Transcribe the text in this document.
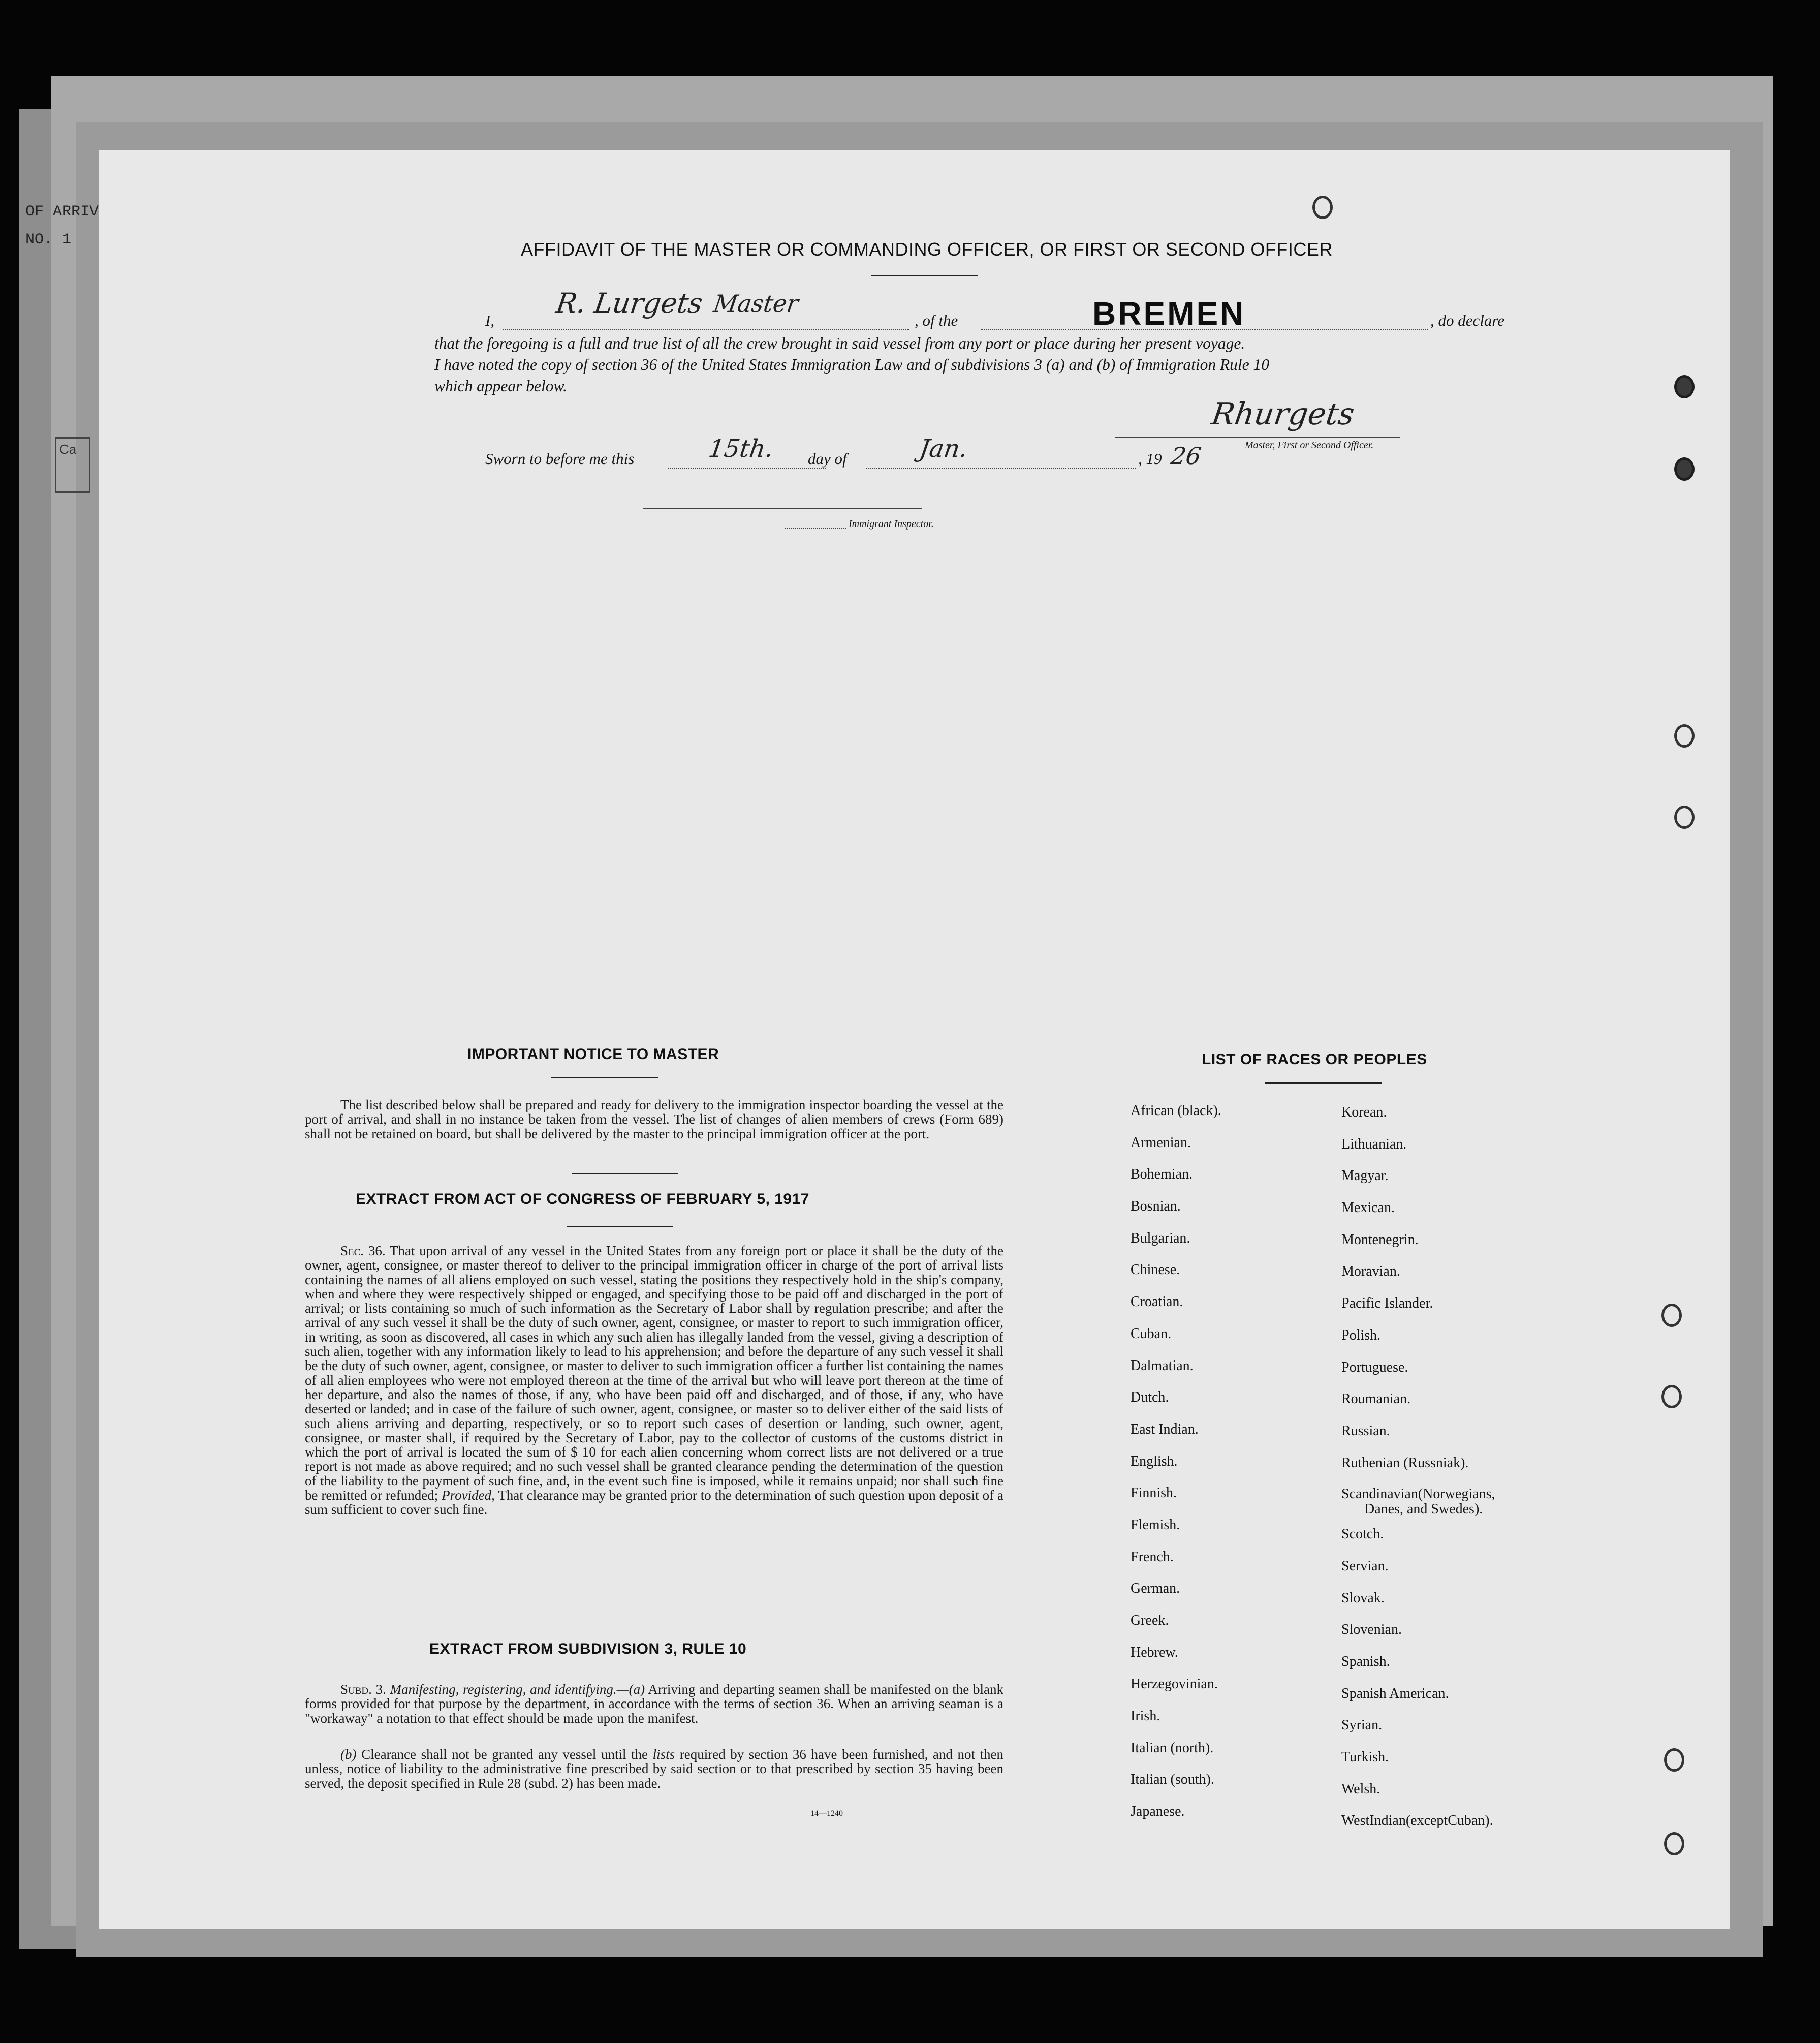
OF ARRIV
NO. 1
Ca
AFFIDAVIT OF THE MASTER OR COMMANDING OFFICER, OR FIRST OR SECOND OFFICER
I,
R. Lurgets Master
, of the	BREMEN	, do declare
that the foregoing is a full and true list of all the crew brought in said vessel from any port or place during her present voyage.
I have noted the copy of section 36 of the United States Immigration Law and of subdivisions 3 (a) and (b) of Immigration Rule 10
which appear below.
Rhurgets
Master, First or Second Officer.
Sworn to before me this	15th. day of	Jan.	, 19 26
Immigrant Inspector.
IMPORTANT NOTICE TO MASTER
The list described below shall be prepared and ready for delivery to the immigration inspector boarding the vessel at the port of arrival, and shall in no instance be taken from the vessel. The list of changes of alien members of crews (Form 689) shall not be retained on board, but shall be delivered by the master to the principal immigration officer at the port.
EXTRACT FROM ACT OF CONGRESS OF FEBRUARY 5, 1917
Sec. 36. That upon arrival of any vessel in the United States from any foreign port or place it shall be the duty of the owner, agent, consignee, or master thereof to deliver to the principal immigration officer in charge of the port of arrival lists containing the names of all aliens employed on such vessel, stating the positions they respectively hold in the ship's company, when and where they were respectively shipped or engaged, and specifying those to be paid off and discharged in the port of arrival; or lists containing so much of such information as the Secretary of Labor shall by regulation prescribe; and after the arrival of any such vessel it shall be the duty of such owner, agent, consignee, or master to report to such immigration officer, in writing, as soon as discovered, all cases in which any such alien has illegally landed from the vessel, giving a description of such alien, together with any information likely to lead to his apprehension; and before the departure of any such vessel it shall be the duty of such owner, agent, consignee, or master to deliver to such immigration officer a further list containing the names of all alien employees who were not employed thereon at the time of the arrival but who will leave port thereon at the time of her departure, and also the names of those, if any, who have been paid off and discharged, and of those, if any, who have deserted or landed; and in case of the failure of such owner, agent, consignee, or master so to deliver either of the said lists of such aliens arriving and departing, respectively, or so to report such cases of desertion or landing, such owner, agent, consignee, or master shall, if required by the Secretary of Labor, pay to the collector of customs of the customs district in which the port of arrival is located the sum of $ 10 for each alien concerning whom correct lists are not delivered or a true report is not made as above required; and no such vessel shall be granted clearance pending the determination of the question of the liability to the payment of such fine, and, in the event such fine is imposed, while it remains unpaid; nor shall such fine be remitted or refunded; Provided, That clearance may be granted prior to the determination of such question upon deposit of a sum sufficient to cover such fine.
EXTRACT FROM SUBDIVISION 3, RULE 10
Subd. 3. Manifesting, registering, and identifying.—(a) Arriving and departing seamen shall be manifested on the blank forms provided for that purpose by the department, in accordance with the terms of section 36. When an arriving seaman is a "workaway" a notation to that effect should be made upon the manifest.
(b) Clearance shall not be granted any vessel until the lists required by section 36 have been furnished, and not then unless, notice of liability to the administrative fine prescribed by said section or to that prescribed by section 35 having been served, the deposit specified in Rule 28 (subd. 2) has been made.
14—1240
LIST OF RACES OR PEOPLES
African (black).
Armenian.
Bohemian.
Bosnian.
Bulgarian.
Chinese.
Croatian.
Cuban.
Dalmatian.
Dutch.
East Indian.
English.
Finnish.
Flemish.
French.
German.
Greek.
Hebrew.
Herzegovinian.
Irish.
Italian (north).
Italian (south).
Japanese.
Korean.
Lithuanian.
Magyar.
Mexican.
Montenegrin.
Moravian.
Pacific Islander.
Polish.
Portuguese.
Roumanian.
Russian.
Ruthenian (Russniak).
Scandinavian(Norwegians,
Danes, and Swedes).
Scotch.
Servian.
Slovak.
Slovenian.
Spanish.
Spanish American.
Syrian.
Turkish.
Welsh.
WestIndian(exceptCuban).
